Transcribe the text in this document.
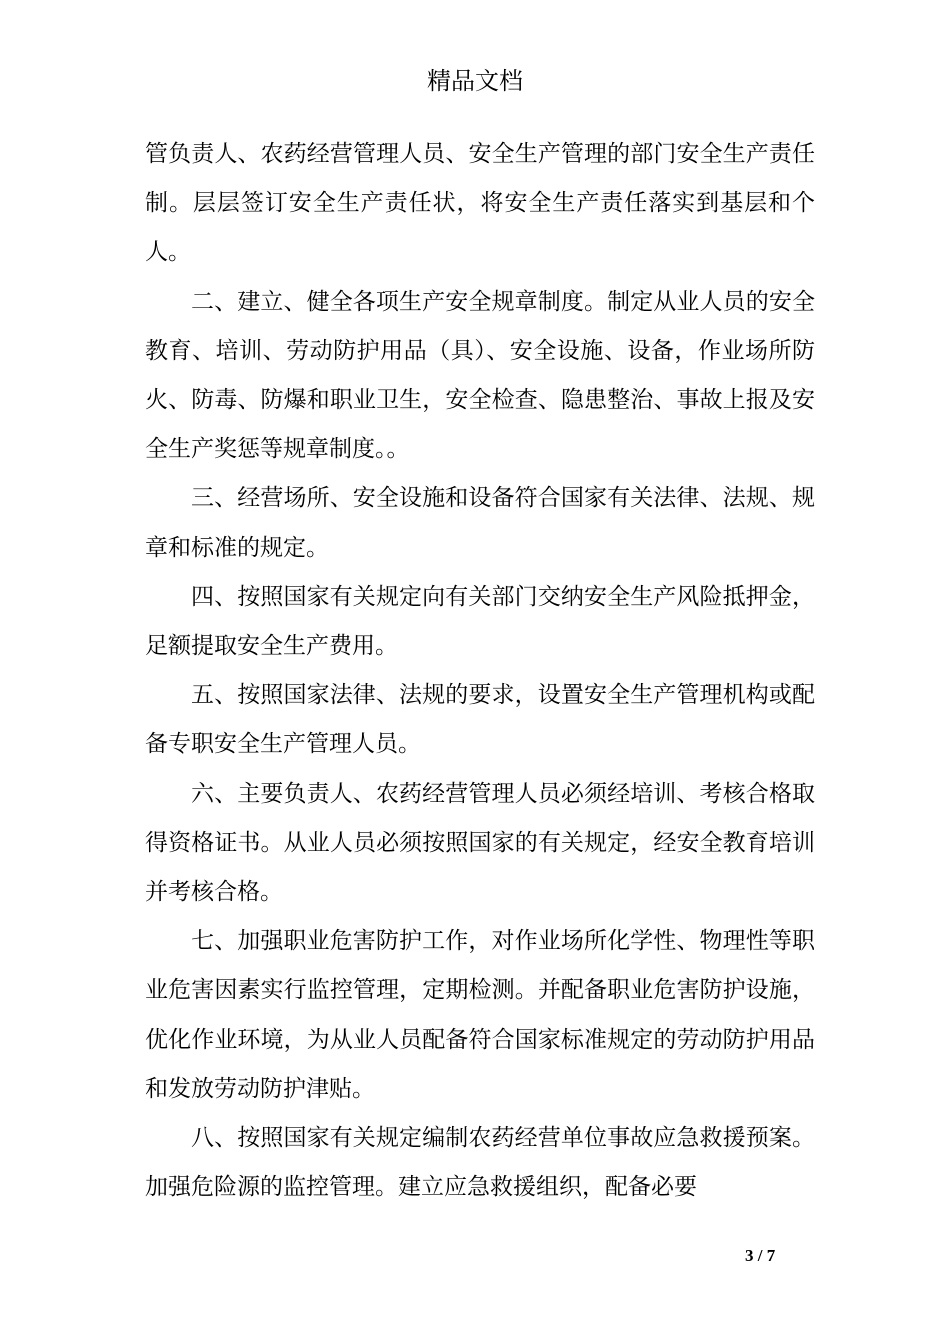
精品文档

管负责人、农药经营管理人员、安全生产管理的部门安全生产责任制。层层签订安全生产责任状，将安全生产责任落实到基层和个人。

二、建立、健全各项生产安全规章制度。制定从业人员的安全教育、培训、劳动防护用品（具）、安全设施、设备，作业场所防火、防毒、防爆和职业卫生，安全检查、隐患整治、事故上报及安全生产奖惩等规章制度。。

三、经营场所、安全设施和设备符合国家有关法律、法规、规章和标准的规定。

四、按照国家有关规定向有关部门交纳安全生产风险抵押金，足额提取安全生产费用。

五、按照国家法律、法规的要求，设置安全生产管理机构或配备专职安全生产管理人员。

六、主要负责人、农药经营管理人员必须经培训、考核合格取得资格证书。从业人员必须按照国家的有关规定，经安全教育培训并考核合格。

七、加强职业危害防护工作，对作业场所化学性、物理性等职业危害因素实行监控管理，定期检测。并配备职业危害防护设施，优化作业环境，为从业人员配备符合国家标准规定的劳动防护用品和发放劳动防护津贴。

八、按照国家有关规定编制农药经营单位事故应急救援预案。加强危险源的监控管理。建立应急救援组织，配备必要

3 / 7
